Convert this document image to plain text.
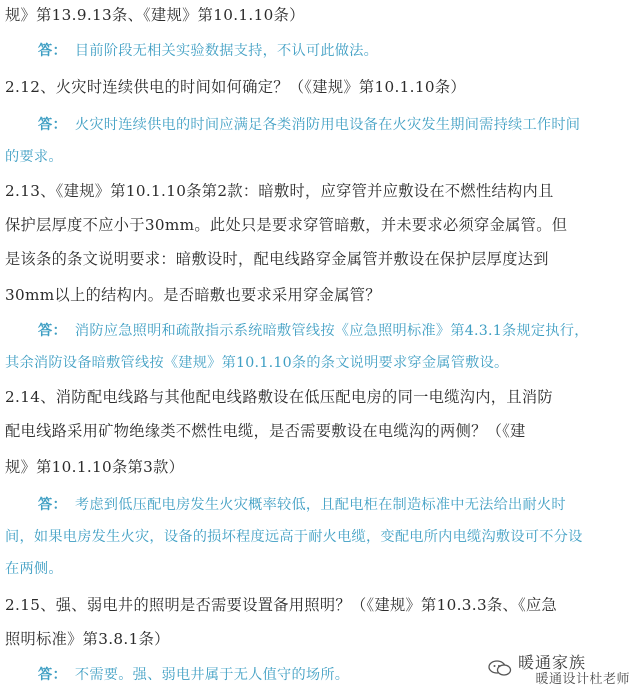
规》第13.9.13条、《建规》第10.1.10条）
答： 目前阶段无相关实验数据支持，不认可此做法。
2.12、火灾时连续供电的时间如何确定？（《建规》第10.1.10条）
答： 火灾时连续供电的时间应满足各类消防用电设备在火灾发生期间需持续工作时间
的要求。
2.13、《建规》第10.1.10条第2款：暗敷时，应穿管并应敷设在不燃性结构内且
保护层厚度不应小于30mm。此处只是要求穿管暗敷，并未要求必须穿金属管。但
是该条的条文说明要求：暗敷设时，配电线路穿金属管并敷设在保护层厚度达到
30mm以上的结构内。是否暗敷也要求采用穿金属管？
答： 消防应急照明和疏散指示系统暗敷管线按《应急照明标准》第4.3.1条规定执行，
其余消防设备暗敷管线按《建规》第10.1.10条的条文说明要求穿金属管敷设。
2.14、消防配电线路与其他配电线路敷设在低压配电房的同一电缆沟内，且消防
配电线路采用矿物绝缘类不燃性电缆，是否需要敷设在电缆沟的两侧？（《建
规》第10.1.10条第3款）
答： 考虑到低压配电房发生火灾概率较低，且配电柜在制造标准中无法给出耐火时
间，如果电房发生火灾，设备的损坏程度远高于耐火电缆，变配电所内电缆沟敷设可不分设
在两侧。
2.15、强、弱电井的照明是否需要设置备用照明？（《建规》第10.3.3条、《应急
照明标准》第3.8.1条）
答： 不需要。强、弱电井属于无人值守的场所。
暖通家族
暖通设计杜老师
